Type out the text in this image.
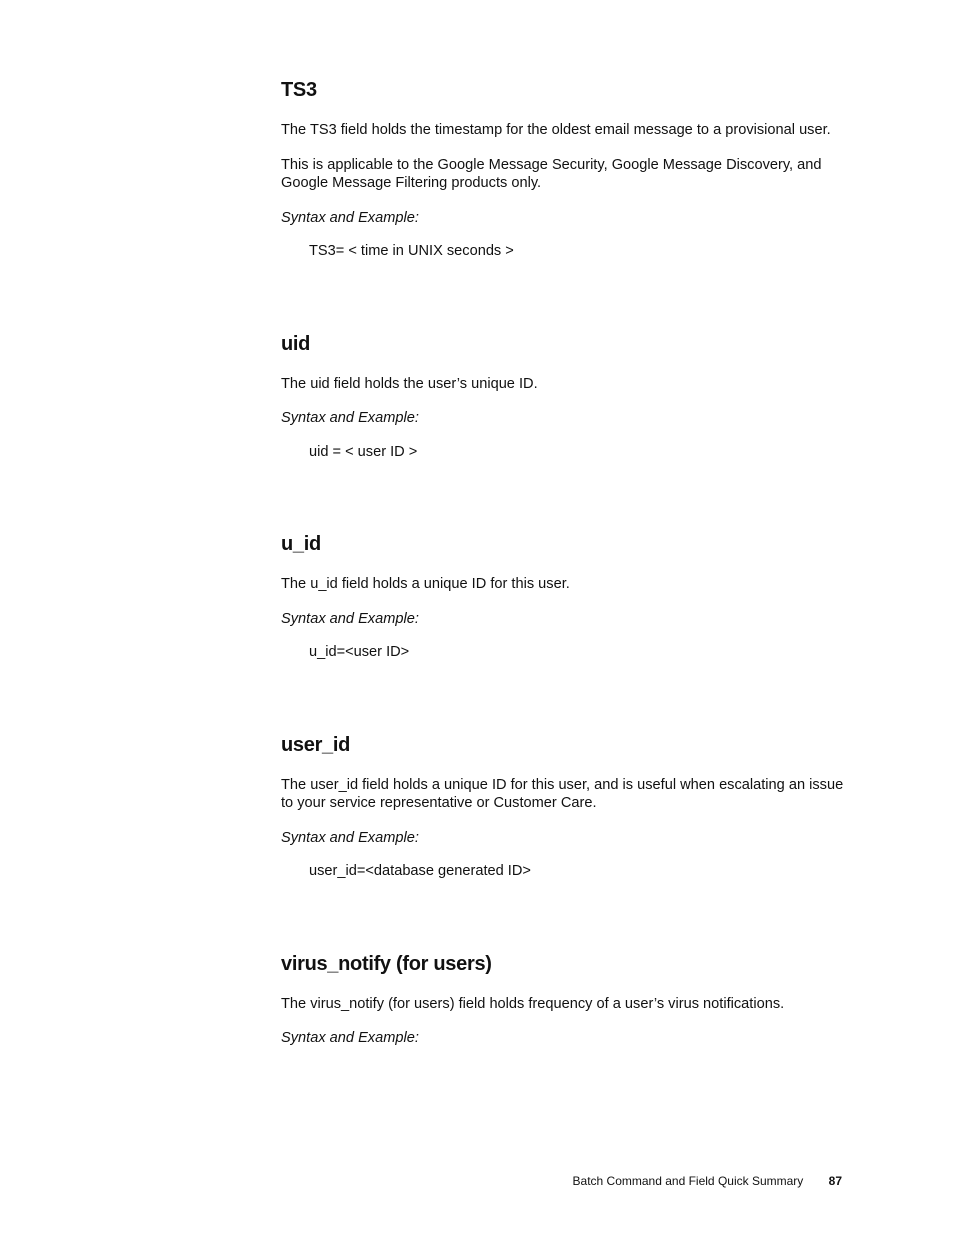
TS3

The TS3 field holds the timestamp for the oldest email message to a provisional user.

This is applicable to the Google Message Security, Google Message Discovery, and Google Message Filtering products only.

Syntax and Example:

TS3= < time in UNIX seconds >

uid

The uid field holds the user’s unique ID.

Syntax and Example:

uid = < user ID >

u_id

The u_id field holds a unique ID for this user.

Syntax and Example:

u_id=<user ID>

user_id

The user_id field holds a unique ID for this user, and is useful when escalating an issue to your service representative or Customer Care.

Syntax and Example:

user_id=<database generated ID>

virus_notify (for users)

The virus_notify (for users) field holds frequency of a user’s virus notifications.

Syntax and Example:

Batch Command and Field Quick Summary 87
